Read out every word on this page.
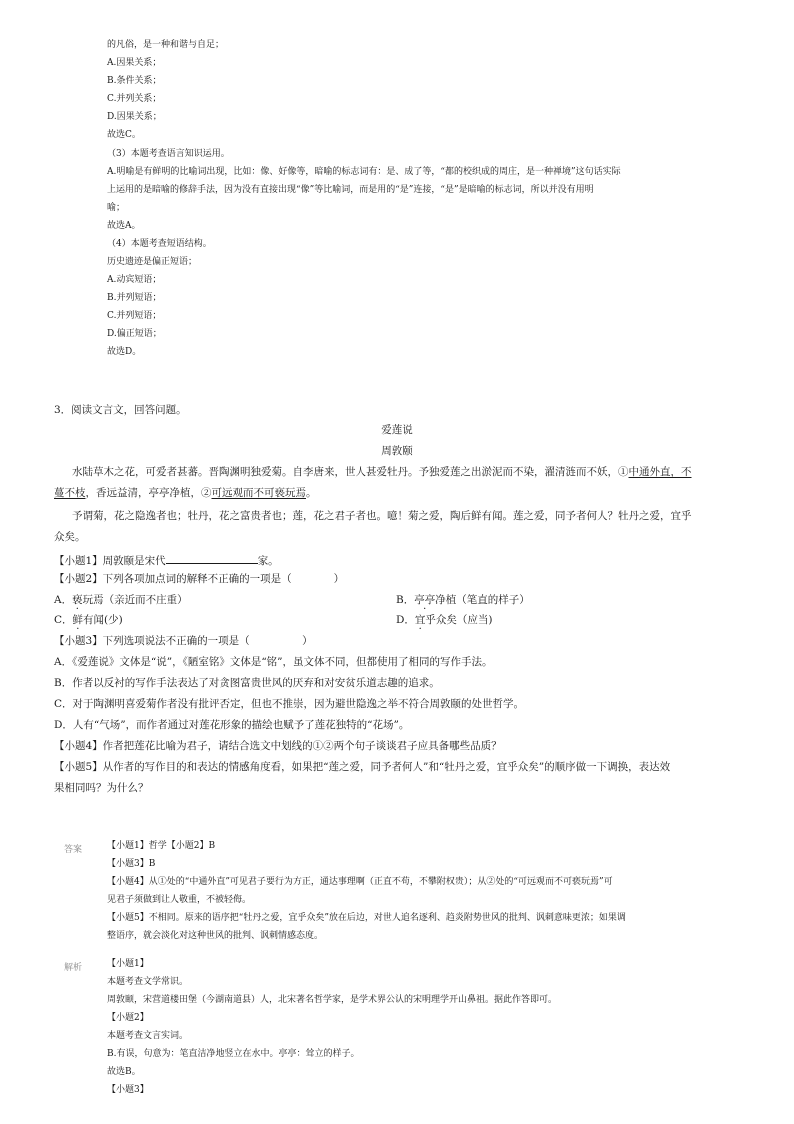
的凡俗，是一种和谐与自足；
A.因果关系；
B.条件关系；
C.并列关系；
D.因果关系；
故选C。
（3）本题考查语言知识运用。
A.明喻是有鲜明的比喻词出现，比如：像、好像等，暗喻的标志词有：是、成了等，“都的校织成的周庄，是一种禅境”这句话实际
上运用的是暗喻的修辞手法，因为没有直接出现“像”等比喻词，而是用的“是”连接，“是”是暗喻的标志词，所以并没有用明
喻；
故选A。
（4）本题考查短语结构。
历史遗迹是偏正短语；
A.动宾短语；
B.并列短语；
C.并列短语；
D.偏正短语；
故选D。
3．阅读文言文，回答问题。
爱莲说
周敦颐
水陆草木之花，可爱者甚蕃。晋陶渊明独爱菊。自李唐来，世人甚爱牡丹。予独爱莲之出淤泥而不染，濯清涟而不妖，①中通外直，不
蔓不枝，香远益清，亭亭净植，②可远观而不可亵玩焉。
予谓菊，花之隐逸者也；牡丹，花之富贵者也；莲，花之君子者也。噫！菊之爱，陶后鲜有闻。莲之爱，同予者何人？牡丹之爱，宜乎
众矣。
【小题1】周敦颐是宋代	家。
【小题2】下列各项加点词的解释不正确的一项是（　　　　）
A．亵玩焉（亲近而不庄重）	B．亭亭净植（笔直的样子）
C．鲜有闻(少)	D．宜乎众矣（应当)
【小题3】下列选项说法不正确的一项是（　　　　　）
A．《爱莲说》文体是“说”，《陋室铭》文体是“铭”，虽文体不同，但都使用了相同的写作手法。
B．作者以反衬的写作手法表达了对贪图富贵世风的厌弃和对安贫乐道志趣的追求。
C．对于陶渊明喜爱菊作者没有批评否定，但也不推崇，因为避世隐逸之举不符合周敦颐的处世哲学。
D．人有“气场”，而作者通过对莲花形象的描绘也赋予了莲花独特的“花场”。
【小题4】作者把莲花比喻为君子，请结合选文中划线的①②两个句子谈谈君子应具备哪些品质？
【小题5】从作者的写作目的和表达的情感角度看，如果把“莲之爱，同予者何人”和“牡丹之爱，宜乎众矣”的顺序做一下调换，表达效
果相同吗？为什么？
答案	【小题1】哲学【小题2】B
【小题3】B
【小题4】从①处的“中通外直”可见君子要行为方正，通达事理啊（正直不苟，不攀附权贵）；从②处的“可远观而不可亵玩焉”可
见君子须做到让人敬重，不被轻侮。
【小题5】不相同。原来的语序把“牡丹之爱，宜乎众矣”放在后边，对世人追名逐利、趋炎附势世风的批判、讽刺意味更浓；如果调
整语序，就会淡化对这种世风的批判、讽刺情感态度。
解析	【小题1】
本题考查文学常识。
周敦颐，宋营道楼田堡（今湖南道县）人，北宋著名哲学家，是学术界公认的宋明理学开山鼻祖。据此作答即可。
【小题2】
本题考查文言实词。
B.有误，句意为：笔直洁净地竖立在水中。亭亭：耸立的样子。
故选B。
【小题3】
